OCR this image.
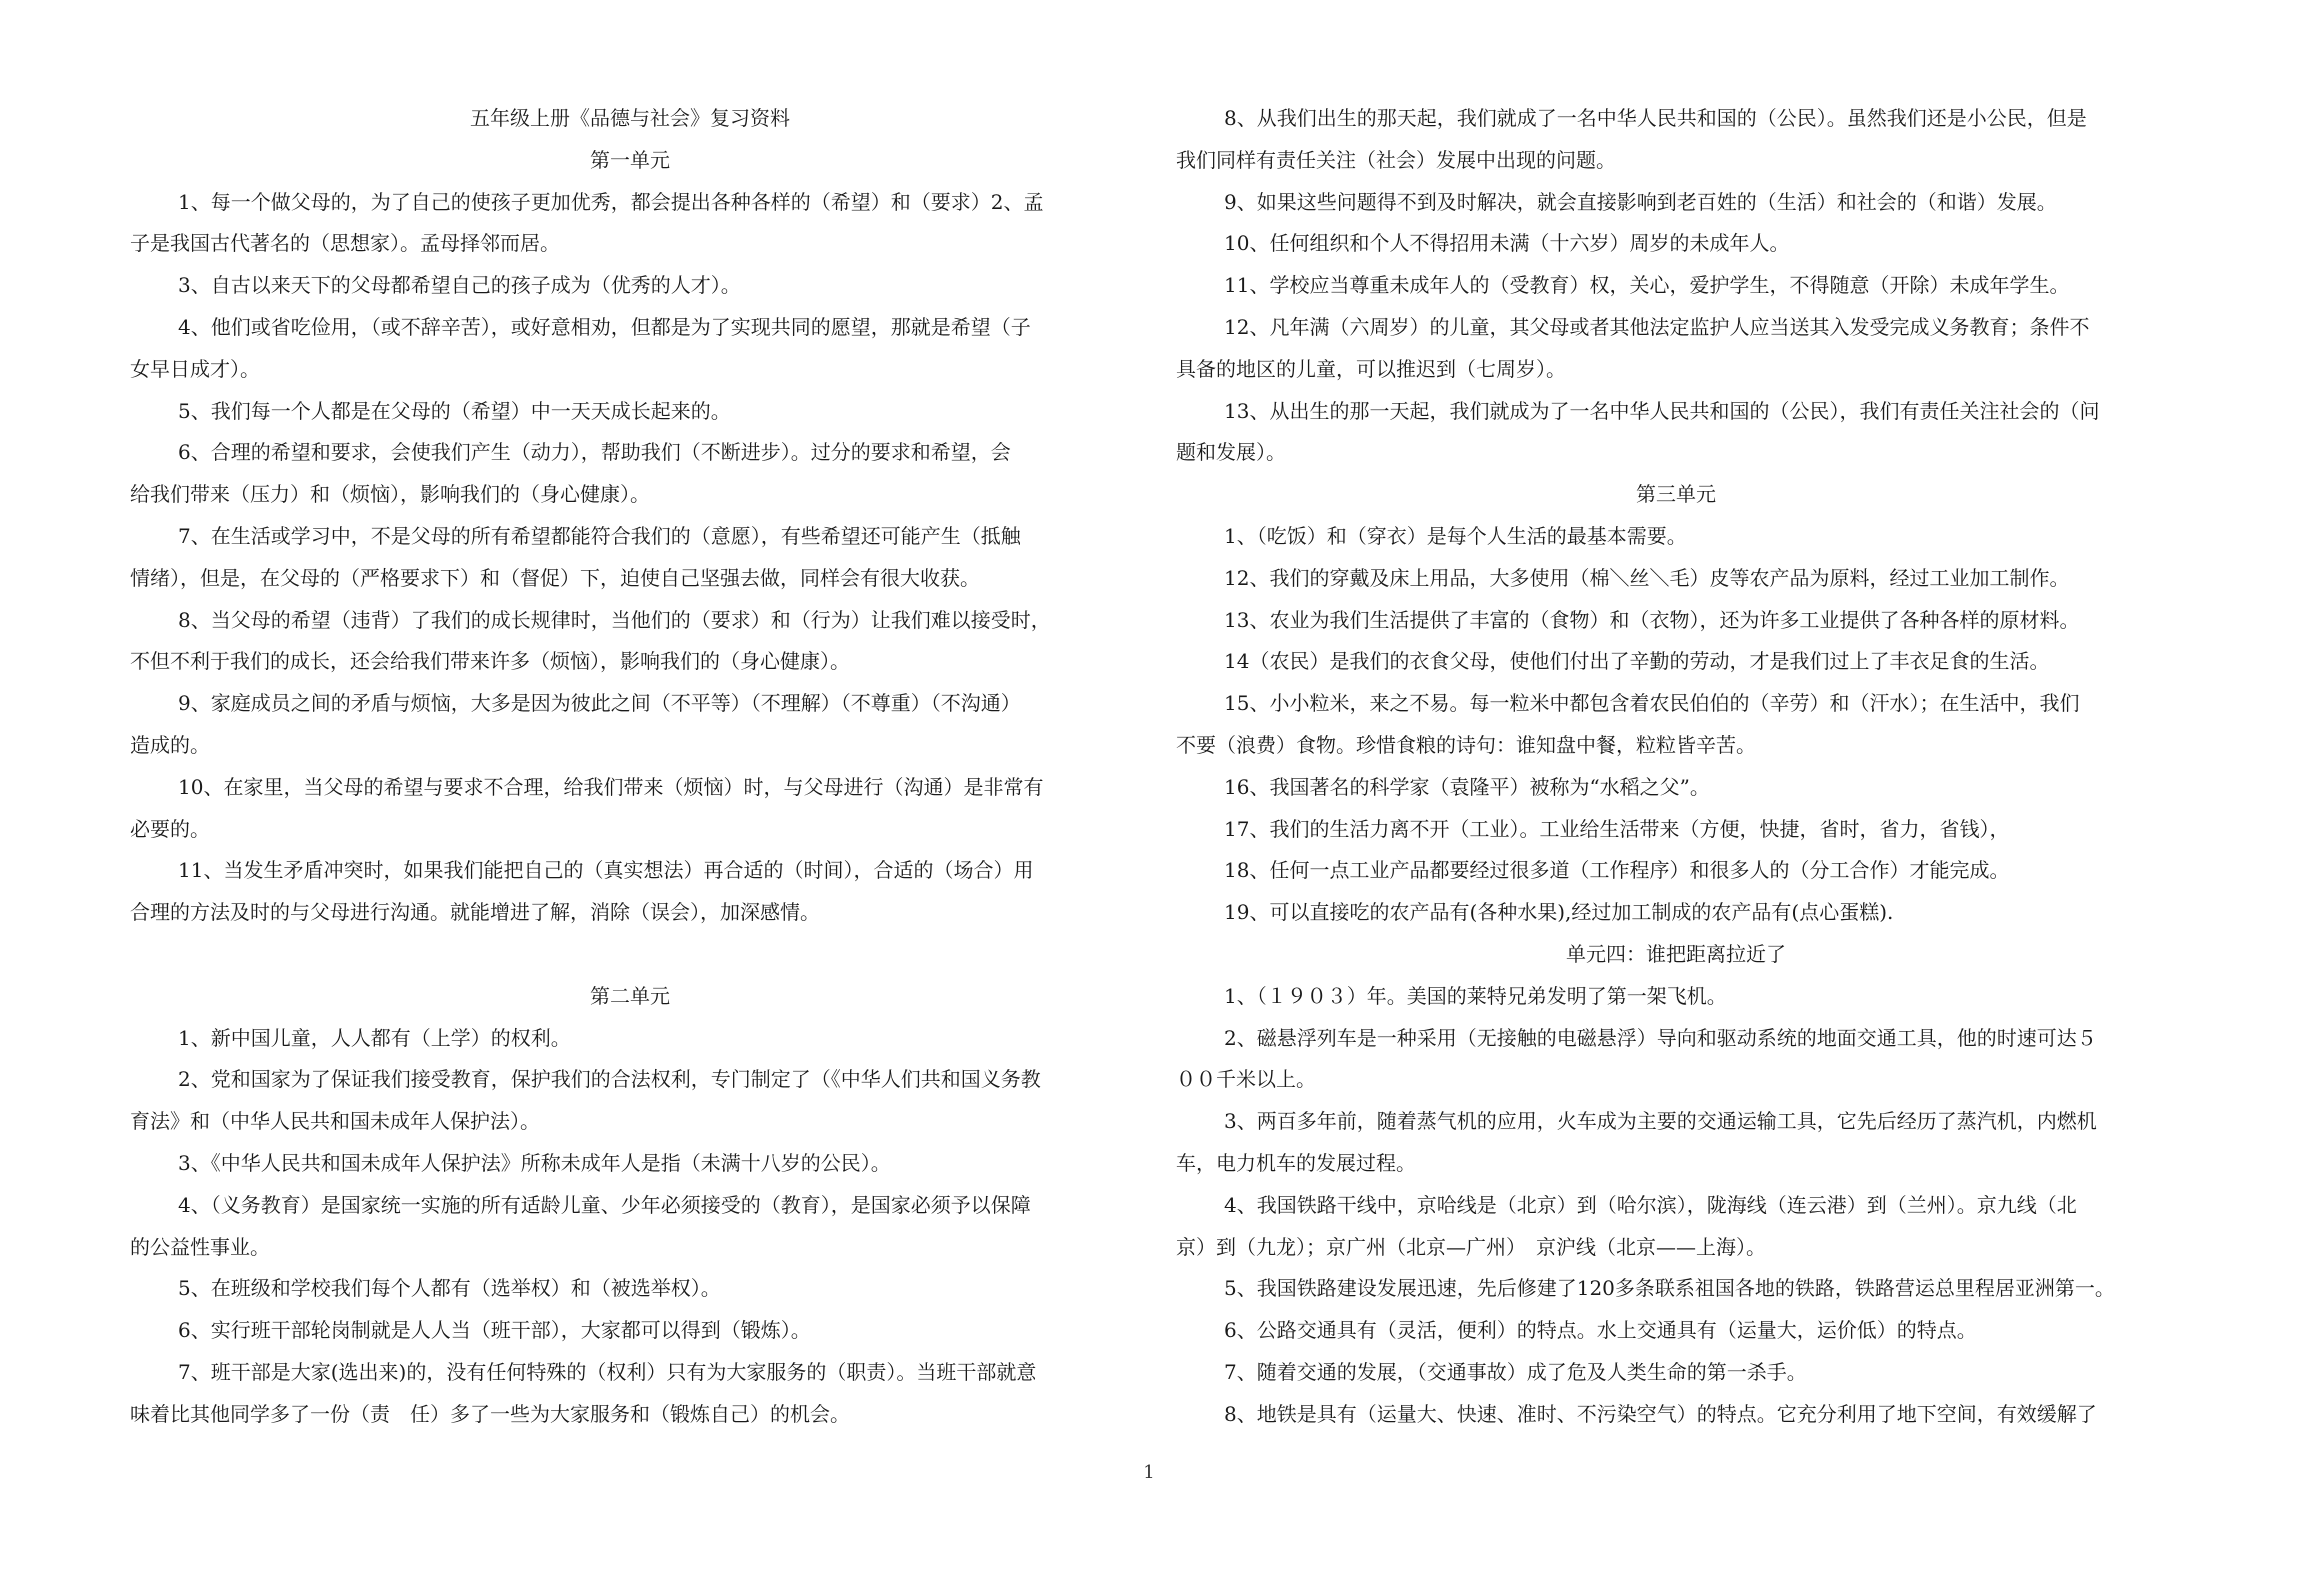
五年级上册《品德与社会》复习资料
第一单元
1、每一个做父母的，为了自己的使孩子更加优秀，都会提出各种各样的（希望）和（要求）2、孟
子是我国古代著名的（思想家）。孟母择邻而居。
3、自古以来天下的父母都希望自己的孩子成为（优秀的人才）。
4、他们或省吃俭用，（或不辞辛苦），或好意相劝，但都是为了实现共同的愿望，那就是希望（子
女早日成才）。
5、我们每一个人都是在父母的（希望）中一天天成长起来的。
6、合理的希望和要求，会使我们产生（动力），帮助我们（不断进步）。过分的要求和希望，会
给我们带来（压力）和（烦恼），影响我们的（身心健康）。
7、在生活或学习中，不是父母的所有希望都能符合我们的（意愿），有些希望还可能产生（抵触
情绪），但是，在父母的（严格要求下）和（督促）下，迫使自己坚强去做，同样会有很大收获。
8、当父母的希望（违背）了我们的成长规律时，当他们的（要求）和（行为）让我们难以接受时，
不但不利于我们的成长，还会给我们带来许多（烦恼），影响我们的（身心健康）。
9、家庭成员之间的矛盾与烦恼，大多是因为彼此之间（不平等）（不理解）（不尊重）（不沟通）
造成的。
10、在家里，当父母的希望与要求不合理，给我们带来（烦恼）时，与父母进行（沟通）是非常有
必要的。
11、当发生矛盾冲突时，如果我们能把自己的（真实想法）再合适的（时间），合适的（场合）用
合理的方法及时的与父母进行沟通。就能增进了解，消除（误会），加深感情。
第二单元
1、新中国儿童，人人都有（上学）的权利。
2、党和国家为了保证我们接受教育，保护我们的合法权利，专门制定了（《中华人们共和国义务教
育法》和（中华人民共和国未成年人保护法）。
3、《中华人民共和国未成年人保护法》所称未成年人是指（未满十八岁的公民）。
4、（义务教育）是国家统一实施的所有适龄儿童、少年必须接受的（教育），是国家必须予以保障
的公益性事业。
5、在班级和学校我们每个人都有（选举权）和（被选举权）。
6、实行班干部轮岗制就是人人当（班干部），大家都可以得到（锻炼）。
7、班干部是大家(选出来)的，没有任何特殊的（权利）只有为大家服务的（职责）。当班干部就意
味着比其他同学多了一份（责　任）多了一些为大家服务和（锻炼自己）的机会。
8、从我们出生的那天起，我们就成了一名中华人民共和国的（公民）。虽然我们还是小公民，但是
我们同样有责任关注（社会）发展中出现的问题。
9、如果这些问题得不到及时解决，就会直接影响到老百姓的（生活）和社会的（和谐）发展。
10、任何组织和个人不得招用未满（十六岁）周岁的未成年人。
11、学校应当尊重未成年人的（受教育）权，关心，爱护学生，不得随意（开除）未成年学生。
12、凡年满（六周岁）的儿童，其父母或者其他法定监护人应当送其入发受完成义务教育；条件不
具备的地区的儿童，可以推迟到（七周岁）。
13、从出生的那一天起，我们就成为了一名中华人民共和国的（公民），我们有责任关注社会的（问
题和发展）。
第三单元
1、（吃饭）和（穿衣）是每个人生活的最基本需要。
12、我们的穿戴及床上用品，大多使用（棉＼丝＼毛）皮等农产品为原料，经过工业加工制作。
13、农业为我们生活提供了丰富的（食物）和（衣物），还为许多工业提供了各种各样的原材料。
14（农民）是我们的衣食父母，使他们付出了辛勤的劳动，才是我们过上了丰衣足食的生活。
15、小小粒米，来之不易。每一粒米中都包含着农民伯伯的（辛劳）和（汗水）；在生活中，我们
不要（浪费）食物。珍惜食粮的诗句：谁知盘中餐，粒粒皆辛苦。
16、我国著名的科学家（袁隆平）被称为“水稻之父”。
17、我们的生活力离不开（工业）。工业给生活带来（方便，快捷，省时，省力，省钱），
18、任何一点工业产品都要经过很多道（工作程序）和很多人的（分工合作）才能完成。
19、可以直接吃的农产品有(各种水果),经过加工制成的农产品有(点心蛋糕).
单元四：谁把距离拉近了
1、（１９０３）年。美国的莱特兄弟发明了第一架飞机。
2、磁悬浮列车是一种采用（无接触的电磁悬浮）导向和驱动系统的地面交通工具，他的时速可达５
００千米以上。
3、两百多年前，随着蒸气机的应用，火车成为主要的交通运输工具，它先后经历了蒸汽机，内燃机
车，电力机车的发展过程。
4、我国铁路干线中，京哈线是（北京）到（哈尔滨），陇海线（连云港）到（兰州）。京九线（北
京）到（九龙）；京广州（北京—广州）　京沪线（北京——上海）。
5、我国铁路建设发展迅速，先后修建了120多条联系祖国各地的铁路，铁路营运总里程居亚洲第一。
6、公路交通具有（灵活，便利）的特点。水上交通具有（运量大，运价低）的特点。
7、随着交通的发展，（交通事故）成了危及人类生命的第一杀手。
8、地铁是具有（运量大、快速、准时、不污染空气）的特点。它充分利用了地下空间，有效缓解了
1
